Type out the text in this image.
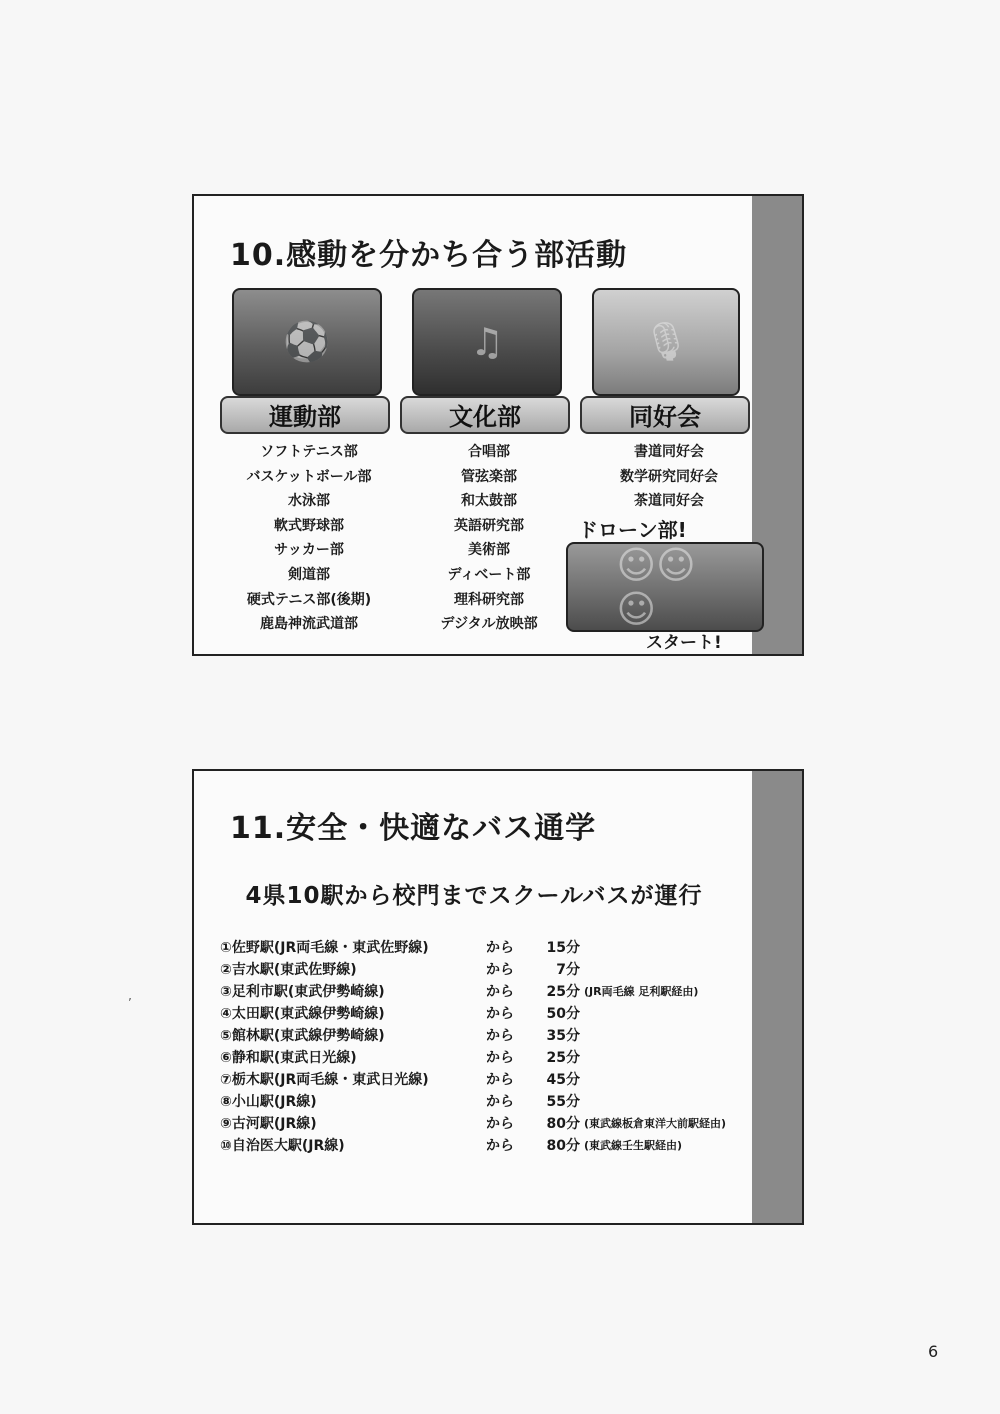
10.感動を分かち合う部活動
⚽	♫	🎙
運動部	文化部	同好会
ソフトテニス部
バスケットボール部
水泳部
軟式野球部
サッカー部
剣道部
硬式テニス部(後期)
鹿島神流武道部
合唱部
管弦楽部
和太鼓部
英語研究部
美術部
ディベート部
理科研究部
デジタル放映部
書道同好会
数学研究同好会
茶道同好会
ドローン部!
☺☺☺
スタート!
11.安全・快適なバス通学

4県10駅から校門までスクールバスが運行

①佐野駅(JR両毛線・東武佐野線)	から	15分
②吉水駅(東武佐野線)	から	7分
③足利市駅(東武伊勢崎線)	から	25分 (JR両毛線 足利駅経由)
④太田駅(東武線伊勢崎線)	から	50分
⑤館林駅(東武線伊勢崎線)	から	35分
⑥静和駅(東武日光線)	から	25分
⑦栃木駅(JR両毛線・東武日光線)	から	45分
⑧小山駅(JR線)	から	55分
⑨古河駅(JR線)	から	80分 (東武線板倉東洋大前駅経由)
⑩自治医大駅(JR線)	から	80分 (東武線壬生駅経由)
’
6
